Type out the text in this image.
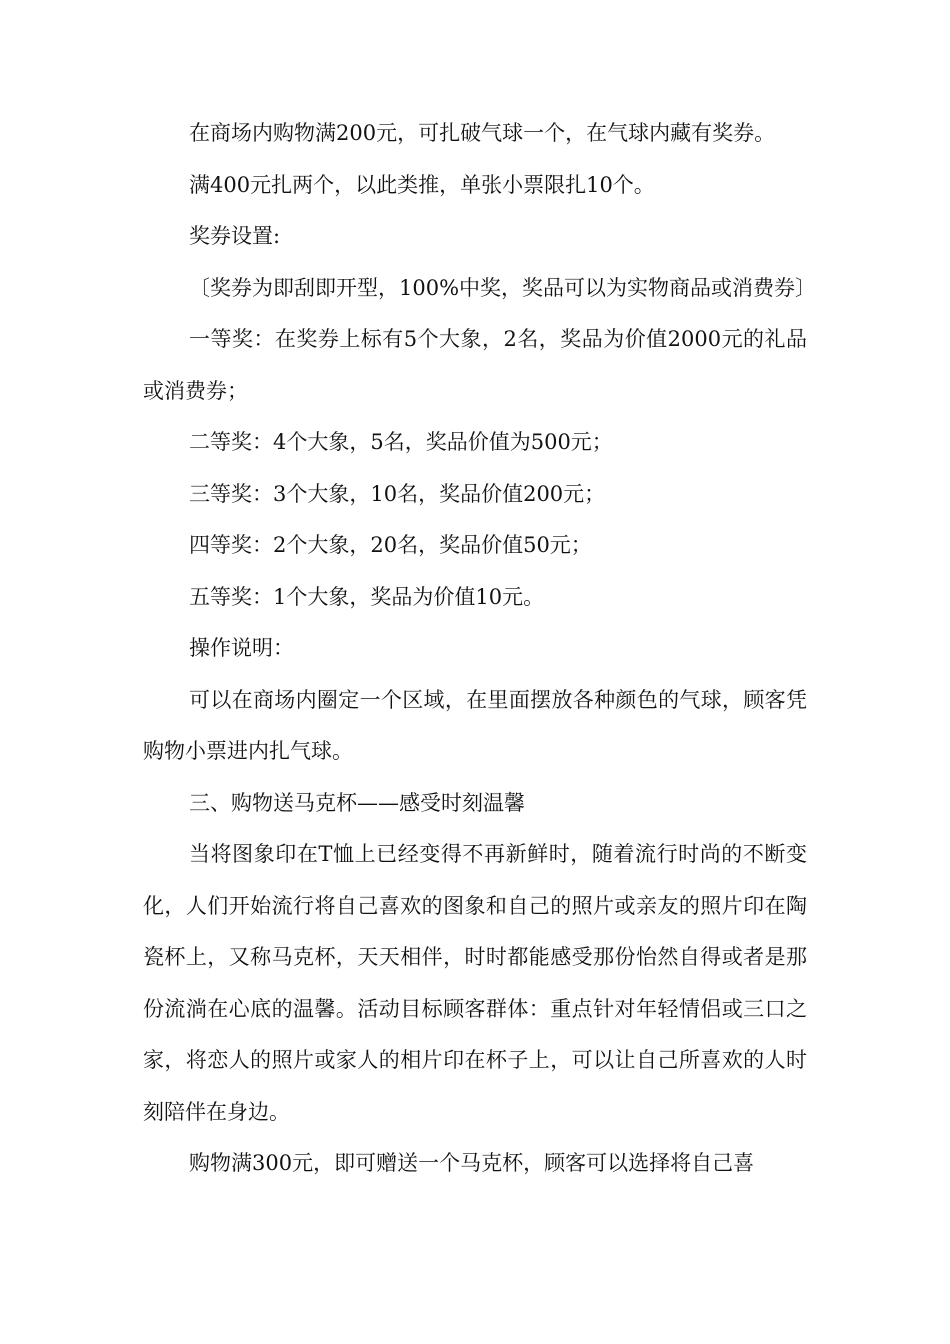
在商场内购物满200元，可扎破气球一个，在气球内藏有奖券。

满400元扎两个，以此类推，单张小票限扎10个。

奖券设置:

〔奖券为即刮即开型，100%中奖，奖品可以为实物商品或消费券〕

一等奖：在奖券上标有5个大象，2名，奖品为价值2000元的礼品或消费券；

二等奖：4个大象，5名，奖品价值为500元；

三等奖：3个大象，10名，奖品价值200元；

四等奖：2个大象，20名，奖品价值50元；

五等奖：1个大象，奖品为价值10元。

操作说明：

可以在商场内圈定一个区域，在里面摆放各种颜色的气球，顾客凭购物小票进内扎气球。

三、购物送马克杯——感受时刻温馨

当将图象印在T恤上已经变得不再新鲜时，随着流行时尚的不断变化，人们开始流行将自己喜欢的图象和自己的照片或亲友的照片印在陶瓷杯上，又称马克杯，天天相伴，时时都能感受那份怡然自得或者是那份流淌在心底的温馨。活动目标顾客群体：重点针对年轻情侣或三口之家，将恋人的照片或家人的相片印在杯子上，可以让自己所喜欢的人时刻陪伴在身边。

购物满300元，即可赠送一个马克杯，顾客可以选择将自己喜
